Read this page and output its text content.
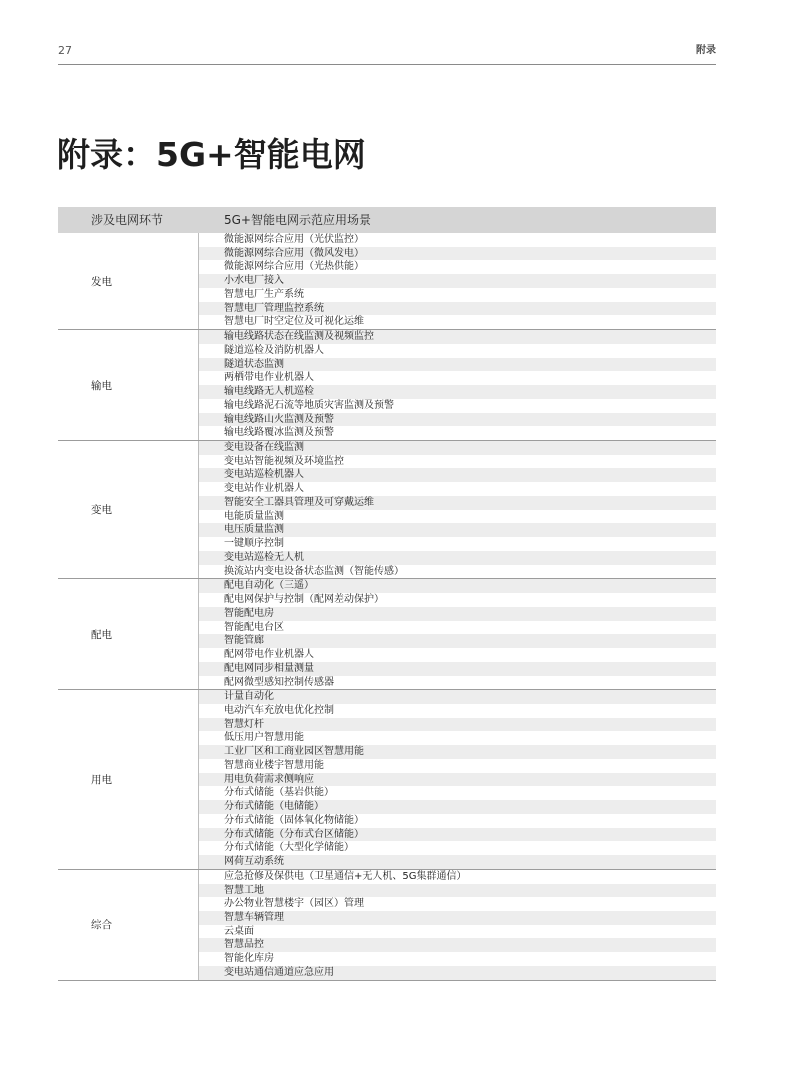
27	附录
附录：5G+智能电网
涉及电网环节	5G+智能电网示范应用场景
发电
微能源网综合应用（光伏监控）
微能源网综合应用（微风发电）
微能源网综合应用（光热供能）
小水电厂接入
智慧电厂生产系统
智慧电厂管理监控系统
智慧电厂时空定位及可视化运维
输电
输电线路状态在线监测及视频监控
隧道巡检及消防机器人
隧道状态监测
两栖带电作业机器人
输电线路无人机巡检
输电线路泥石流等地质灾害监测及预警
输电线路山火监测及预警
输电线路覆冰监测及预警
变电
变电设备在线监测
变电站智能视频及环境监控
变电站巡检机器人
变电站作业机器人
智能安全工器具管理及可穿戴运维
电能质量监测
电压质量监测
一键顺序控制
变电站巡检无人机
换流站内变电设备状态监测（智能传感）
配电
配电自动化（三遥）
配电网保护与控制（配网差动保护）
智能配电房
智能配电台区
智能管廊
配网带电作业机器人
配电网同步相量测量
配网微型感知控制传感器
用电
计量自动化
电动汽车充放电优化控制
智慧灯杆
低压用户智慧用能
工业厂区和工商业园区智慧用能
智慧商业楼宇智慧用能
用电负荷需求侧响应
分布式储能（基岩供能）
分布式储能（电储能）
分布式储能（固体氧化物储能）
分布式储能（分布式台区储能）
分布式储能（大型化学储能）
网荷互动系统
综合
应急抢修及保供电（卫星通信+无人机、5G集群通信）
智慧工地
办公物业智慧楼宇（园区）管理
智慧车辆管理
云桌面
智慧品控
智能化库房
变电站通信通道应急应用
